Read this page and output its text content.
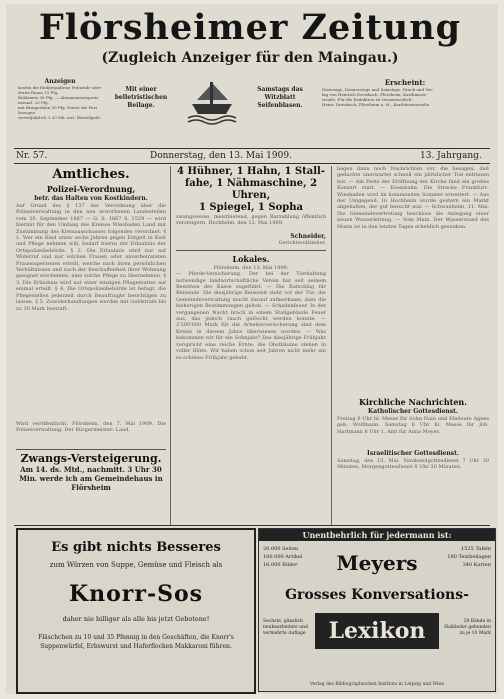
Flörsheimer Zeitung
(Zugleich Anzeiger für den Maingau.)
Anzeigen
kosten die fünfgespaltene Petitzeile oder deren Raum 15 Pfg.
Reklamen 30 Pfg. — Abonnementspreis monatl. 25 Pfg.
mit Bringerlohn 30 Pfg. Durch die Post bezogen
vierteljährlich 1.30 Mk. incl. Bestellgeld.
Mit einer belletristischen Beilage.
Samstags das Witzblatt Seifenblasen.
Erscheint:
Dienstags, Donnerstags und Samstags. Druck und Ver-
lag von Heinrich Dreisbach, Flörsheim, Karthäuser-
straße. Für die Redaktion ist verantwortlich:
Heinr. Dreisbach, Flörsheim a. M., Karthäuserstraße.
Nr. 57.	Donnerstag, den 13. Mai 1909.	13. Jahrgang.
Amtliches.
Polizei-Verordnung,
betr. das Halten von Kostkindern.
Auf Grund des § 137 der Verordnung über die Polizeiverwaltung in den neu erworbenen Landesteilen vom 20. September 1867 — G. S. 1867 S. 1529 — wird hiermit für den Umfang des Kreises Wiesbaden Land mit Zustimmung des Kreisausschusses folgendes verordnet: § 1. Wer ein Kind unter sechs Jahren gegen Entgelt in Kost und Pflege nehmen will, bedarf hierzu der Erlaubnis der Ortspolizeibehörde. § 2. Die Erlaubnis wird nur auf Widerruf und nur solchen Frauen oder unverheirateten Frauenspersonen erteilt, welche nach ihren persönlichen Verhältnissen und nach der Beschaffenheit ihrer Wohnung geeignet erscheinen, eine solche Pflege zu übernehmen. § 3. Die Erlaubnis wird nur einer einzigen Pflegemutter auf einmal erteilt. § 4. Die Ortspolizeibehörde ist befugt, die Pflegestellen jederzeit durch Beauftragte besichtigen zu lassen. § 5. Zuwiderhandlungen werden mit Geldstrafe bis zu 30 Mark bestraft.
Wird veröffentlicht. Flörsheim, den 7. Mai 1909. Die Polizeiverwaltung. Der Bürgermeister: Laud.
Zwangs-Versteigerung.
Am 14. ds. Mtd., nachmitt. 3 Uhr 30 Min. werde ich am Gemeindehaus in Flörsheim
4 Hühner, 1 Hahn, 1 Stall-
fahe, 1 Nähmaschine, 2 Uhren,
1 Spiegel, 1 Sopha
zwangsweise, meistbietend, gegen Barzahlung öffentlich versteigern. Hochheim, den 12. Mai 1909.
Schneider,
Gerichtsvollzieher.
Lokales.
Flörsheim, den 13. Mai 1909.
— Pferde-Versicherung. Der bei der Tierhaltung notwendige landwirtschaftliche Verein hat seit seinem Bestehen der Kasse zugeführt. — Die Ratschlag für Reisende. Die diesjährige Reisezeit steht vor der Tür; die Gemeindeverwaltung macht darauf aufmerksam, dass die bisherigen Bestimmungen gelten. — Schadenfeuer. In der vergangenen Nacht brach in einem Stallgebäude Feuer aus, das jedoch rasch gelöscht werden konnte. — 2'500'000 Mark für die Arbeiterversicherung sind dem Kreise in diesem Jahre überwiesen worden. — Was bekommen wir für ein Sohnjahr? Das diesjährige Frühjahr verspricht eine reiche Ernte; die Obstbäume stehen in voller Blüte. Wir haben schon seit Jahren nicht mehr ein so schönes Frühjahr gehabt.
liegen dann noch Nachrichten vor, die besagen, daß gedachte unerwartet schnell ein plötzlicher Tod entrissen hat. — Am Feste der Eröffnung der Kirche fand ein großes Konzert statt. — Eisenbahn. Die Strecke Frankfurt–Wiesbaden wird im kommenden Sommer erweitert. — Aus der Umgegend. In Hochheim wurde gestern ein Markt abgehalten, der gut besucht war. — Schwanheim, 11. Mai. Die Gemeindevertretung beschloss die Anlegung einer neuen Wasserleitung. — Vom Main. Der Wasserstand des Mains ist in den letzten Tagen erheblich gesunken.
Kirchliche Nachrichten.
Katholischer Gottesdienst.
Freitag 6 Uhr hl. Messe für Sohn Nain und Eheleute Agnes geb. Wolfmann. Samstag 6 Uhr hl. Messe für Joh. Hartmann 8 Uhr 1. Amt für Anna Meyer.
Israelitischer Gottesdienst.
Samstag, den 15. Mai. Vorabendgottesdienst 7 Uhr 30 Minuten, Morgengottesdienst 8 Uhr 30 Minuten.
Es gibt nichts Besseres
zum Würzen von Suppe, Gemüse und Fleisch als
Knorr-Sos
daher nie billiger als alle bis jetzt Gebotene!
Fläschchen zu 10 und 35 Pfennig in den Geschäften, die Knorr's Suppenwürfel, Erbswurst und Haferflocken Makkaroni führen.
Unentbehrlich für jedermann ist:
20.000 Seiten
180.000 Artikel
16.000 Bilder
1525 Tafeln
180 Textbeilagen
340 Karten
Meyers
Grosses Konversations-
Lexikon
Sechste, gänzlich neubearbeitete und vermehrte Auflage
20 Bände in Halbleder gebunden zu je 10 Mark
Verlag des Bibliographischen Instituts in Leipzig und Wien
